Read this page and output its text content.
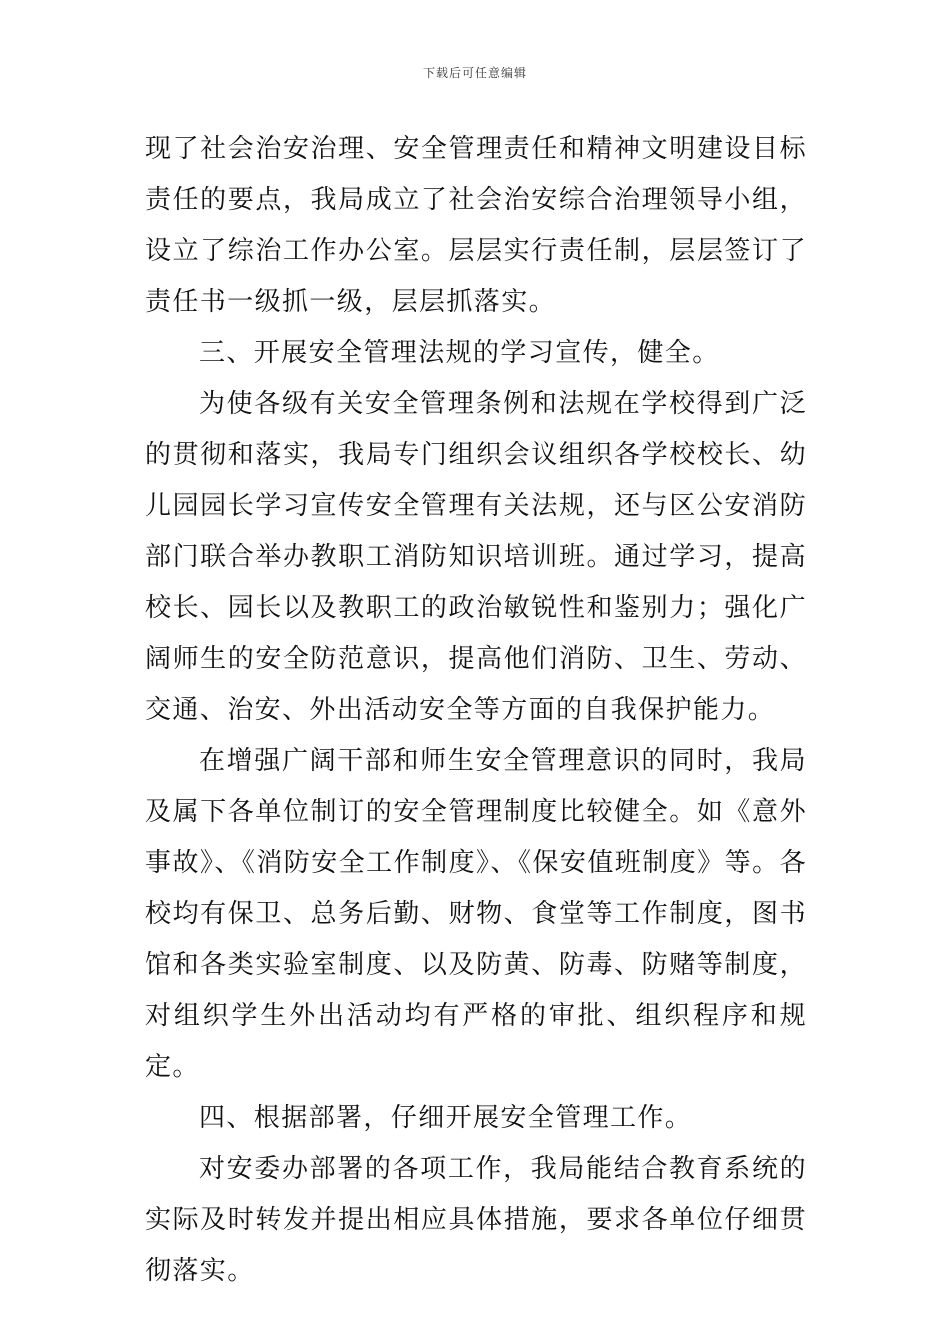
下载后可任意编辑

现了社会治安治理、安全管理责任和精神文明建设目标责任的要点，我局成立了社会治安综合治理领导小组，设立了综治工作办公室。层层实行责任制，层层签订了责任书一级抓一级，层层抓落实。

三、开展安全管理法规的学习宣传，健全。

为使各级有关安全管理条例和法规在学校得到广泛的贯彻和落实，我局专门组织会议组织各学校校长、幼儿园园长学习宣传安全管理有关法规，还与区公安消防部门联合举办教职工消防知识培训班。通过学习，提高校长、园长以及教职工的政治敏锐性和鉴别力；强化广阔师生的安全防范意识，提高他们消防、卫生、劳动、交通、治安、外出活动安全等方面的自我保护能力。

在增强广阔干部和师生安全管理意识的同时，我局及属下各单位制订的安全管理制度比较健全。如《意外事故》、《消防安全工作制度》、《保安值班制度》等。各校均有保卫、总务后勤、财物、食堂等工作制度，图书馆和各类实验室制度、以及防黄、防毒、防赌等制度，对组织学生外出活动均有严格的审批、组织程序和规定。

四、根据部署，仔细开展安全管理工作。

对安委办部署的各项工作，我局能结合教育系统的实际及时转发并提出相应具体措施，要求各单位仔细贯彻落实。
